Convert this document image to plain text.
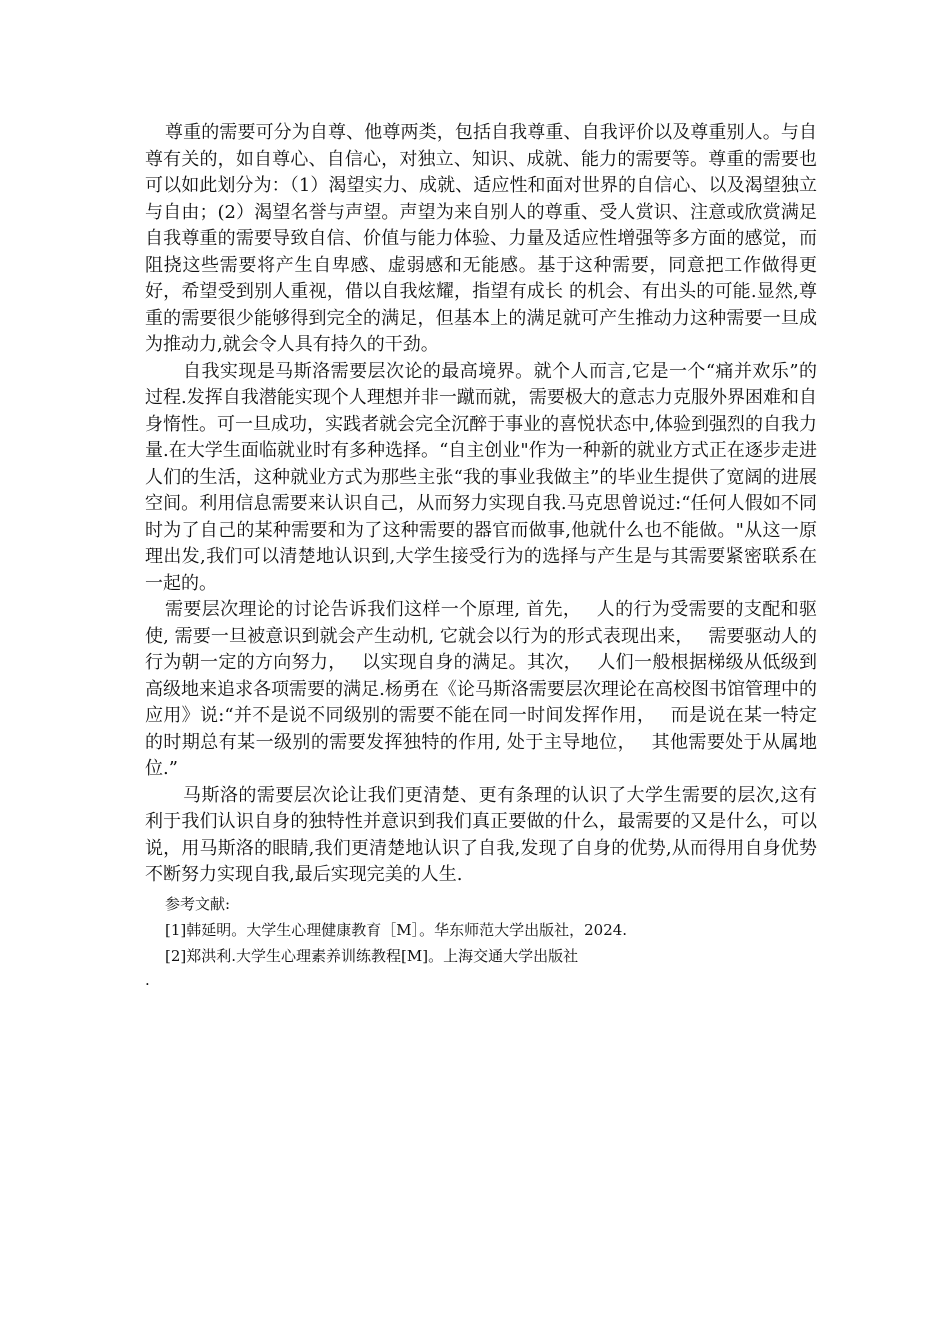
尊重的需要可分为自尊、他尊两类，包括自我尊重、自我评价以及尊重别人。与自尊有关的，如自尊心、自信心，对独立、知识、成就、能力的需要等。尊重的需要也可以如此划分为：（1）渴望实力、成就、适应性和面对世界的自信心、以及渴望独立与自由；(2）渴望名誉与声望。声望为来自别人的尊重、受人赏识、注意或欣赏满足自我尊重的需要导致自信、价值与能力体验、力量及适应性增强等多方面的感觉，而阻挠这些需要将产生自卑感、虚弱感和无能感。基于这种需要，同意把工作做得更好，希望受到别人重视，借以自我炫耀，指望有成长 的机会、有出头的可能.显然,尊重的需要很少能够得到完全的满足，但基本上的满足就可产生推动力这种需要一旦成为推动力,就会令人具有持久的干劲。

自我实现是马斯洛需要层次论的最高境界。就个人而言,它是一个“痛并欢乐”的过程.发挥自我潜能实现个人理想并非一蹴而就，需要极大的意志力克服外界困难和自身惰性。可一旦成功，实践者就会完全沉醉于事业的喜悦状态中,体验到强烈的自我力量.在大学生面临就业时有多种选择。“自主创业"作为一种新的就业方式正在逐步走进人们的生活，这种就业方式为那些主张“我的事业我做主”的毕业生提供了宽阔的进展空间。利用信息需要来认识自己，从而努力实现自我.马克思曾说过:“任何人假如不同时为了自己的某种需要和为了这种需要的器官而做事,他就什么也不能做。"从这一原理出发,我们可以清楚地认识到,大学生接受行为的选择与产生是与其需要紧密联系在一起的。

需要层次理论的讨论告诉我们这样一个原理, 首先，　 人的行为受需要的支配和驱使, 需要一旦被意识到就会产生动机, 它就会以行为的形式表现出来，　 需要驱动人的行为朝一定的方向努力，　 以实现自身的满足。其次，　 人们一般根据梯级从低级到高级地来追求各项需要的满足.杨勇在《论马斯洛需要层次理论在高校图书馆管理中的应用》说:“并不是说不同级别的需要不能在同一时间发挥作用，　 而是说在某一特定的时期总有某一级别的需要发挥独特的作用, 处于主导地位，　 其他需要处于从属地位.”

马斯洛的需要层次论让我们更清楚、更有条理的认识了大学生需要的层次,这有利于我们认识自身的独特性并意识到我们真正要做的什么，最需要的又是什么，可以说，用马斯洛的眼睛,我们更清楚地认识了自我,发现了自身的优势,从而得用自身优势不断努力实现自我,最后实现完美的人生.

参考文献:

[1]韩延明。大学生心理健康教育［M］。华东师范大学出版社，2024.

[2]郑洪利.大学生心理素养训练教程[M]。上海交通大学出版社

.
